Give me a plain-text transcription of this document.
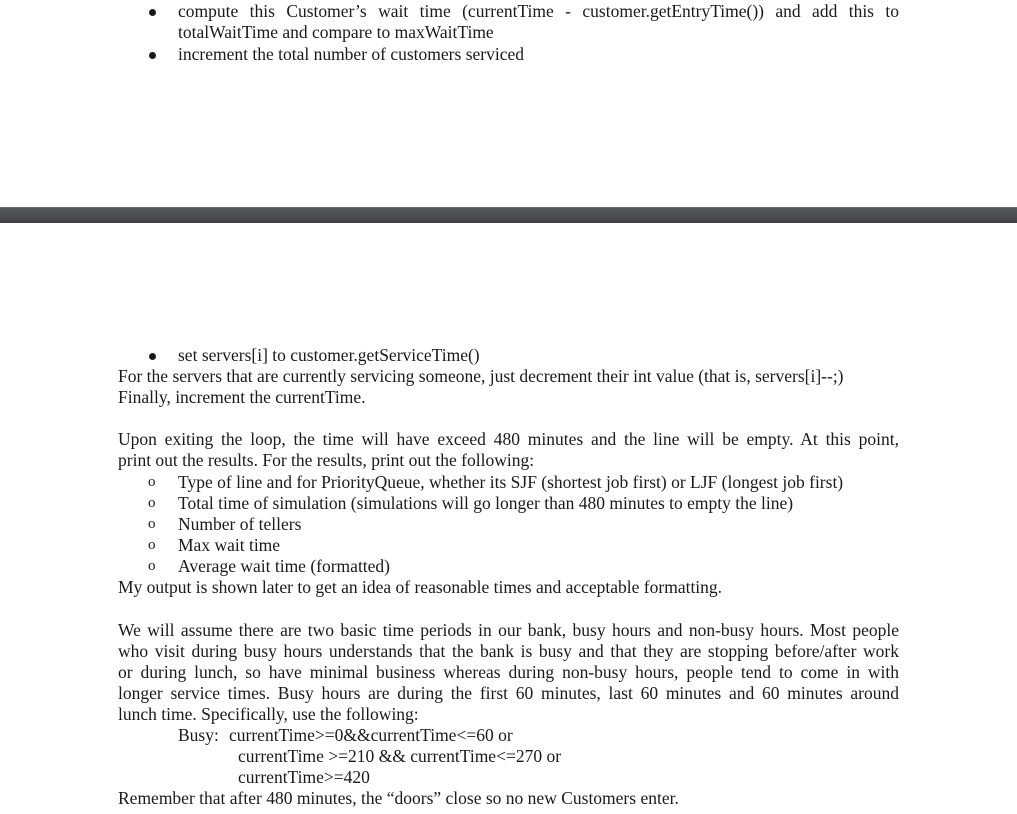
compute this Customer’s wait time (currentTime - customer.getEntryTime()) and add this to
totalWaitTime and compare to maxWaitTime
increment the total number of customers serviced
set servers[i] to customer.getServiceTime()
For the servers that are currently servicing someone, just decrement their int value (that is, servers[i]--;)
Finally, increment the currentTime.
Upon exiting the loop, the time will have exceed 480 minutes and the line will be empty. At this point,
print out the results. For the results, print out the following:
o Type of line and for PriorityQueue, whether its SJF (shortest job first) or LJF (longest job first)
o Total time of simulation (simulations will go longer than 480 minutes to empty the line)
o Number of tellers
o Max wait time
o Average wait time (formatted)
My output is shown later to get an idea of reasonable times and acceptable formatting.
We will assume there are two basic time periods in our bank, busy hours and non-busy hours. Most people
who visit during busy hours understands that the bank is busy and that they are stopping before/after work
or during lunch, so have minimal business whereas during non-busy hours, people tend to come in with
longer service times. Busy hours are during the first 60 minutes, last 60 minutes and 60 minutes around
lunch time. Specifically, use the following:
Busy: currentTime>=0&&currentTime<=60 or
currentTime >=210 && currentTime<=270 or
currentTime>=420
Remember that after 480 minutes, the “doors” close so no new Customers enter.
